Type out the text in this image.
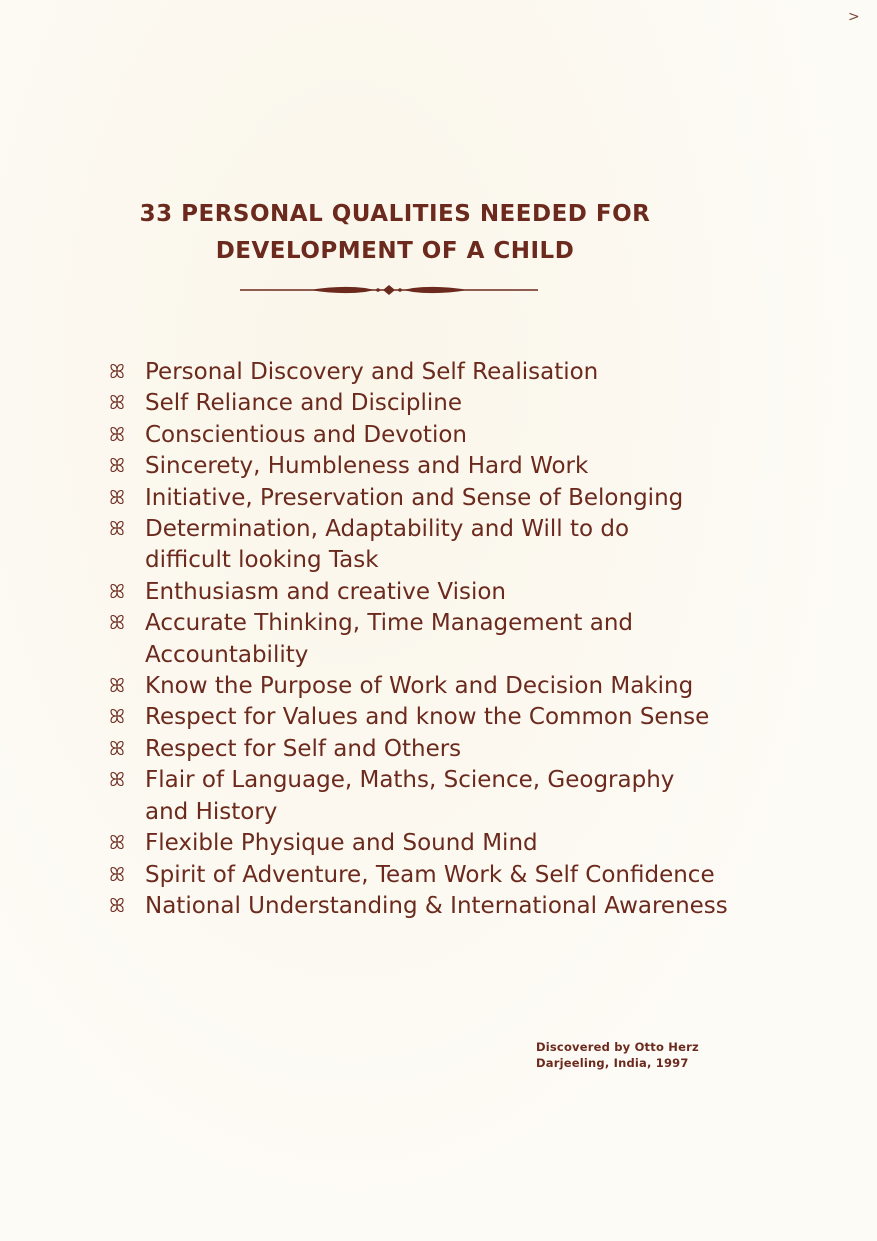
>
33 PERSONAL QUALITIES NEEDED FOR
DEVELOPMENT OF A CHILD
ꕤ Personal Discovery and Self Realisation
ꕤ Self Reliance and Discipline
ꕤ Conscientious and Devotion
ꕤ Sincerety, Humbleness and Hard Work
ꕤ Initiative, Preservation and Sense of Belonging
ꕤ Determination, Adaptability and Will to do
difficult looking Task
ꕤ Enthusiasm and creative Vision
ꕤ Accurate Thinking, Time Management and
Accountability
ꕤ Know the Purpose of Work and Decision Making
ꕤ Respect for Values and know the Common Sense
ꕤ Respect for Self and Others
ꕤ Flair of Language, Maths, Science, Geography
and History
ꕤ Flexible Physique and Sound Mind
ꕤ Spirit of Adventure, Team Work & Self Confidence
ꕤ National Understanding & International Awareness
Discovered by Otto Herz
Darjeeling, India, 1997
